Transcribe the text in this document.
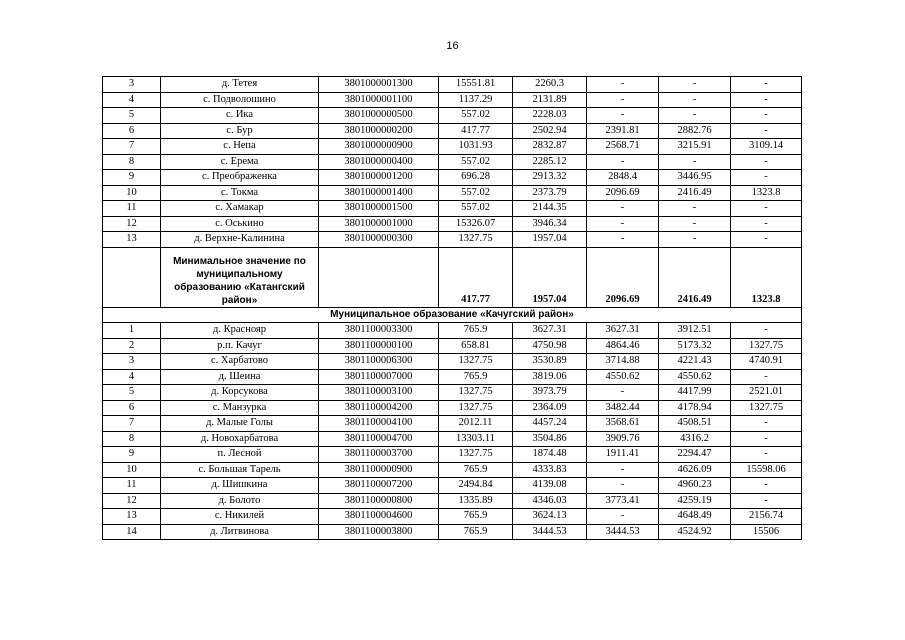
16
3	д. Тетея	3801000001300	15551.81	2260.3	-	-	-
4	с. Подволошино	3801000001100	1137.29	2131.89	-	-	-
5	с. Ика	3801000000500	557.02	2228.03	-	-	-
6	с. Бур	3801000000200	417.77	2502.94	2391.81	2882.76	-
7	с. Непа	3801000000900	1031.93	2832.87	2568.71	3215.91	3109.14
8	с. Ерема	3801000000400	557.02	2285.12	-	-	-
9	с. Преображенка	3801000001200	696.28	2913.32	2848.4	3446.95	-
10	с. Токма	3801000001400	557.02	2373.79	2096.69	2416.49	1323.8
11	с. Хамакар	3801000001500	557.02	2144.35	-	-	-
12	с. Оськино	3801000001000	15326.07	3946.34	-	-	-
13	д. Верхне-Калинина	3801000000300	1327.75	1957.04	-	-	-
	Минимальное значение по муниципальному образованию «Катангский район»		417.77	1957.04	2096.69	2416.49	1323.8
Муниципальное образование «Качугский район»							
1	д. Краснояр	3801100003300	765.9	3627.31	3627.31	3912.51	-
2	р.п. Качуг	3801100000100	658.81	4750.98	4864.46	5173.32	1327.75
3	с. Харбатово	3801100006300	1327.75	3530.89	3714.88	4221.43	4740.91
4	д. Шеина	3801100007000	765.9	3819.06	4550.62	4550.62	-
5	д. Корсукова	3801100003100	1327.75	3973.79	-	4417.99	2521.01
6	с. Манзурка	3801100004200	1327.75	2364.09	3482.44	4178.94	1327.75
7	д. Малые Голы	3801100004100	2012.11	4457.24	3568.61	4508.51	-
8	д. Новохарбатова	3801100004700	13303.11	3504.86	3909.76	4316.2	-
9	п. Лесной	3801100003700	1327.75	1874.48	1911.41	2294.47	-
10	с. Большая Тарель	3801100000900	765.9	4333.83	-	4626.09	15598.06
11	д. Шишкина	3801100007200	2494.84	4139.08	-	4960.23	-
12	д. Болото	3801100000800	1335.89	4346.03	3773.41	4259.19	-
13	с. Никилей	3801100004600	765.9	3624.13	-	4648.49	2156.74
14	д. Литвинова	3801100003800	765.9	3444.53	3444.53	4524.92	15506
